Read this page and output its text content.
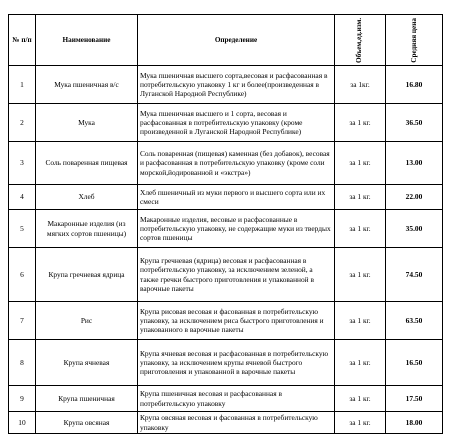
№ п/п	Наименование	Определение	Объем,ед.изм.	Средняя цена
1	Мука пшеничная в/с	Мука пшеничная высшего сорта,весовая и расфасованная в потребительскую упаковку 1 кг и более(произведенная в Луганской Народной Республике)	за 1кг.	16.80
2	Мука	Мука пшеничная высшего и 1 сорта, весовая и расфасованная в потребительскую упаковку (кроме произведенной в Луганской Народной Республике)	за 1 кг.	36.50
3	Соль поваренная пищевая	Соль поваренная (пищевая) каменная (без добавок), весовая и расфасованная в потребительскую упаковку (кроме соли морской,йодированной и «экстра»)	за 1 кг.	13.00
4	Хлеб	Хлеб пшеничный из муки первого и высшего сорта или их смеси	за 1 кг.	22.00
5	Макаронные изделия (из мягких сортов пшеницы)	Макаронные изделия, весовые и расфасованные в потребительскую упаковку, не содержащие муки из твердых сортов пшеницы	за 1 кг.	35.00
6	Крупа гречневая ядрица	Крупа гречневая (ядрица) весовая и расфасованная в потребительскую упаковку, за исключением зеленой, а также гречки быстрого приготовления и упакованной в варочные пакеты	за 1 кг.	74.50
7	Рис	Крупа рисовая весовая и фасованная в потребительскую упаковку, за исключением риса быстрого приготовления и упакованного в варочные пакеты	за 1 кг.	63.50
8	Крупа ячневая	Крупа ячневая весовая и расфасованная в потребительскую упаковку, за исключением крупы ячневой быстрого приготовления и упакованной в варочные пакеты	за 1 кг.	16.50
9	Крупа пшеничная	Крупа пшеничная весовая и расфасованная в потребительскую упаковку	за 1 кг.	17.50
10	Крупа овсяная	Крупа овсяная весовая и фасованная в потребительскую упаковку	за 1 кг.	18.00
